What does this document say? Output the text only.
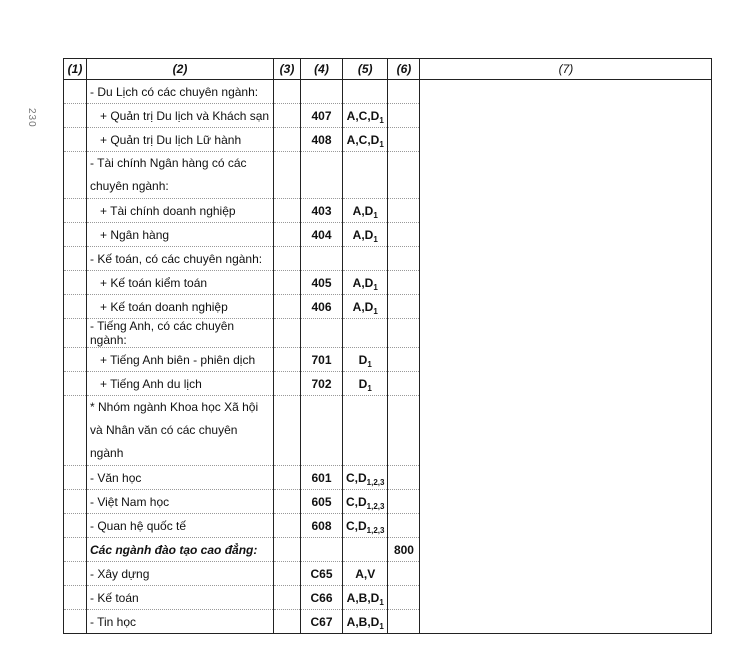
230
(1)	(2)	(3)	(4)	(5)	(6)	(7)
	- Du Lịch có các chuyên ngành:					
	+ Quản trị Du lịch và Khách sạn		407	$A,C,D_1$		
	+ Quản trị Du lịch Lữ hành		408	$A,C,D_1$		
	- Tài chính Ngân hàng có các chuyên ngành:					
	+ Tài chính doanh nghiệp		403	$A,D_1$		
	+ Ngân hàng		404	$A,D_1$		
	- Kế toán, có các chuyên ngành:					
	+ Kế toán kiểm toán		405	$A,D_1$		
	+ Kế toán doanh nghiệp		406	$A,D_1$		
	- Tiếng Anh, có các chuyên ngành:					
	+ Tiếng Anh biên - phiên dịch		701	$D_1$		
	+ Tiếng Anh du lịch		702	$D_1$		
	* Nhóm ngành Khoa học Xã hội và Nhân văn có các chuyên ngành					
	- Văn học		601	$C,D_{1,2,3}$		
	- Việt Nam học		605	$C,D_{1,2,3}$		
	- Quan hệ quốc tế		608	$C,D_{1,2,3}$		
	Các ngành đào tạo cao đẳng:				800	
	- Xây dựng		C65	A,V		
	- Kế toán		C66	$A,B,D_1$		
	- Tin học		C67	$A,B,D_1$		
